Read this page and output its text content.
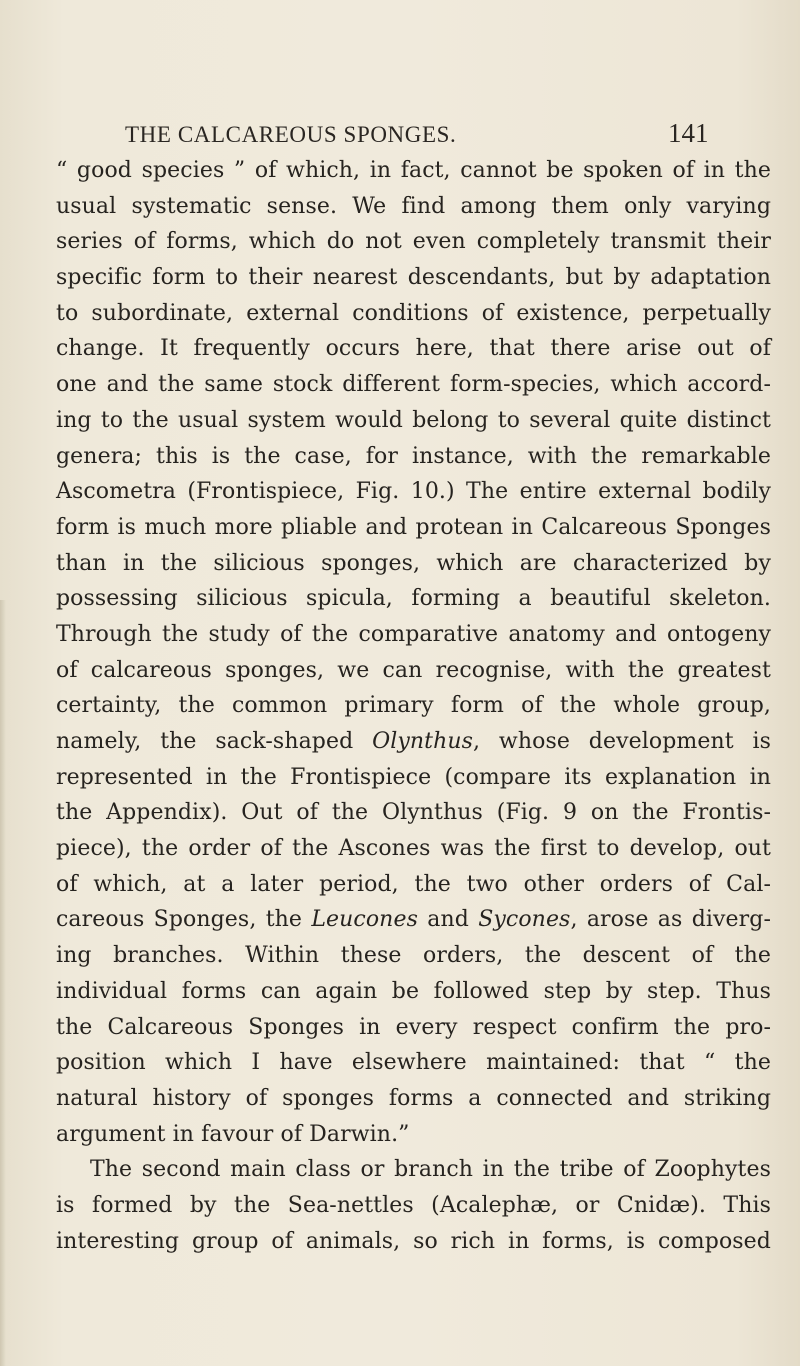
THE CALCAREOUS SPONGES.	141
“ good species ” of which, in fact, cannot be spoken of in the
usual systematic sense. We find among them only varying
series of forms, which do not even completely transmit their
specific form to their nearest descendants, but by adaptation
to subordinate, external conditions of existence, perpetually
change. It frequently occurs here, that there arise out of
one and the same stock different form-species, which accord-
ing to the usual system would belong to several quite distinct
genera; this is the case, for instance, with the remarkable
Ascometra (Frontispiece, Fig. 10.) The entire external bodily
form is much more pliable and protean in Calcareous Sponges
than in the silicious sponges, which are characterized by
possessing silicious spicula, forming a beautiful skeleton.
Through the study of the comparative anatomy and ontogeny
of calcareous sponges, we can recognise, with the greatest
certainty, the common primary form of the whole group,
namely, the sack-shaped Olynthus, whose development is
represented in the Frontispiece (compare its explanation in
the Appendix). Out of the Olynthus (Fig. 9 on the Frontis-
piece), the order of the Ascones was the first to develop, out
of which, at a later period, the two other orders of Cal-
careous Sponges, the Leucones and Sycones, arose as diverg-
ing branches. Within these orders, the descent of the
individual forms can again be followed step by step. Thus
the Calcareous Sponges in every respect confirm the pro-
position which I have elsewhere maintained: that “ the
natural history of sponges forms a connected and striking
argument in favour of Darwin.”
The second main class or branch in the tribe of Zoophytes
is formed by the Sea-nettles (Acalephæ, or Cnidæ). This
interesting group of animals, so rich in forms, is composed
